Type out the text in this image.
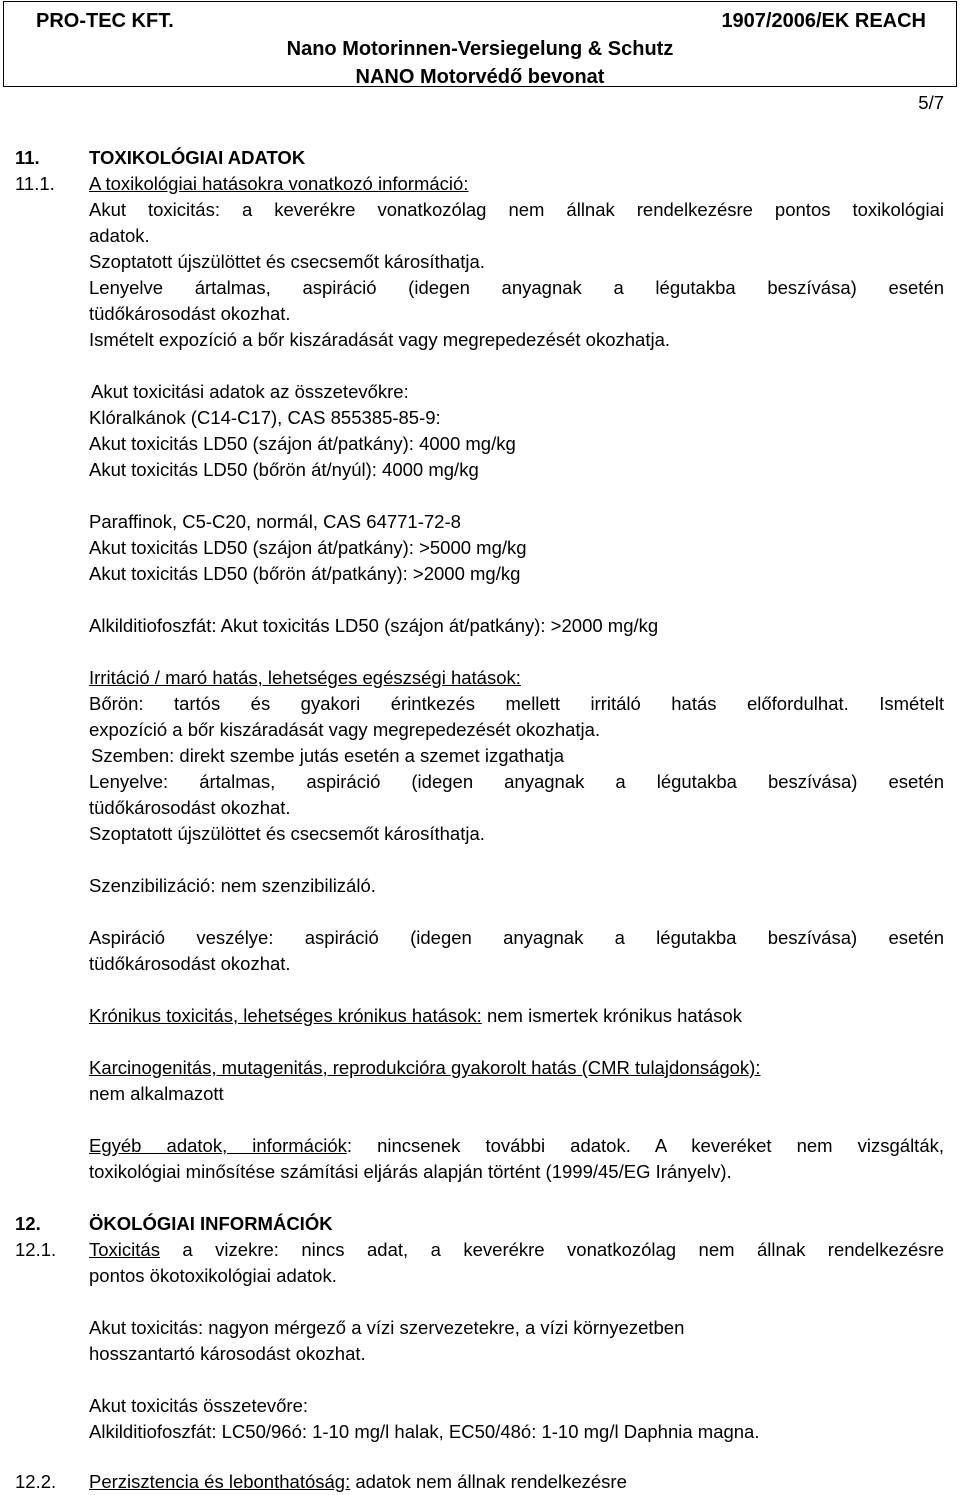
PRO-TEC KFT.	1907/2006/EK REACH
Nano Motorinnen-Versiegelung & Schutz
NANO Motorvédő bevonat
5/7
11.	TOXIKOLÓGIAI ADATOK
11.1. A toxikológiai hatásokra vonatkozó információ:
Akut toxicitás: a keverékre vonatkozólag nem állnak rendelkezésre pontos toxikológiai
adatok.
Szoptatott újszülöttet és csecsemőt károsíthatja.
Lenyelve ártalmas, aspiráció (idegen anyagnak a légutakba beszívása) esetén
tüdőkárosodást okozhat.
Ismételt expozíció a bőr kiszáradását vagy megrepedezését okozhatja.
Akut toxicitási adatok az összetevőkre:
Klóralkánok (C14-C17), CAS 855385-85-9:
Akut toxicitás LD50 (szájon át/patkány): 4000 mg/kg
Akut toxicitás LD50 (bőrön át/nyúl): 4000 mg/kg
Paraffinok, C5-C20, normál, CAS 64771-72-8
Akut toxicitás LD50 (szájon át/patkány): >5000 mg/kg
Akut toxicitás LD50 (bőrön át/patkány): >2000 mg/kg
Alkilditiofoszfát: Akut toxicitás LD50 (szájon át/patkány): >2000 mg/kg
Irritáció / maró hatás, lehetséges egészségi hatások:
Bőrön: tartós és gyakori érintkezés mellett irritáló hatás előfordulhat. Ismételt
expozíció a bőr kiszáradását vagy megrepedezését okozhatja.
Szemben: direkt szembe jutás esetén a szemet izgathatja
Lenyelve: ártalmas, aspiráció (idegen anyagnak a légutakba beszívása) esetén
tüdőkárosodást okozhat.
Szoptatott újszülöttet és csecsemőt károsíthatja.
Szenzibilizáció: nem szenzibilizáló.
Aspiráció veszélye: aspiráció (idegen anyagnak a légutakba beszívása) esetén
tüdőkárosodást okozhat.
Krónikus toxicitás, lehetséges krónikus hatások: nem ismertek krónikus hatások
Karcinogenitás, mutagenitás, reprodukcióra gyakorolt hatás (CMR tulajdonságok):
nem alkalmazott
Egyéb adatok, információk: nincsenek további adatok. A keveréket nem vizsgálták,
toxikológiai minősítése számítási eljárás alapján történt (1999/45/EG Irányelv).
12.	ÖKOLÓGIAI INFORMÁCIÓK
12.1. Toxicitás a vizekre: nincs adat, a keverékre vonatkozólag nem állnak rendelkezésre
pontos ökotoxikológiai adatok.
Akut toxicitás: nagyon mérgező a vízi szervezetekre, a vízi környezetben
hosszantartó károsodást okozhat.
Akut toxicitás összetevőre:
Alkilditiofoszfát: LC50/96ó: 1-10 mg/l halak, EC50/48ó: 1-10 mg/l Daphnia magna.
12.2. Perzisztencia és lebonthatóság: adatok nem állnak rendelkezésre
